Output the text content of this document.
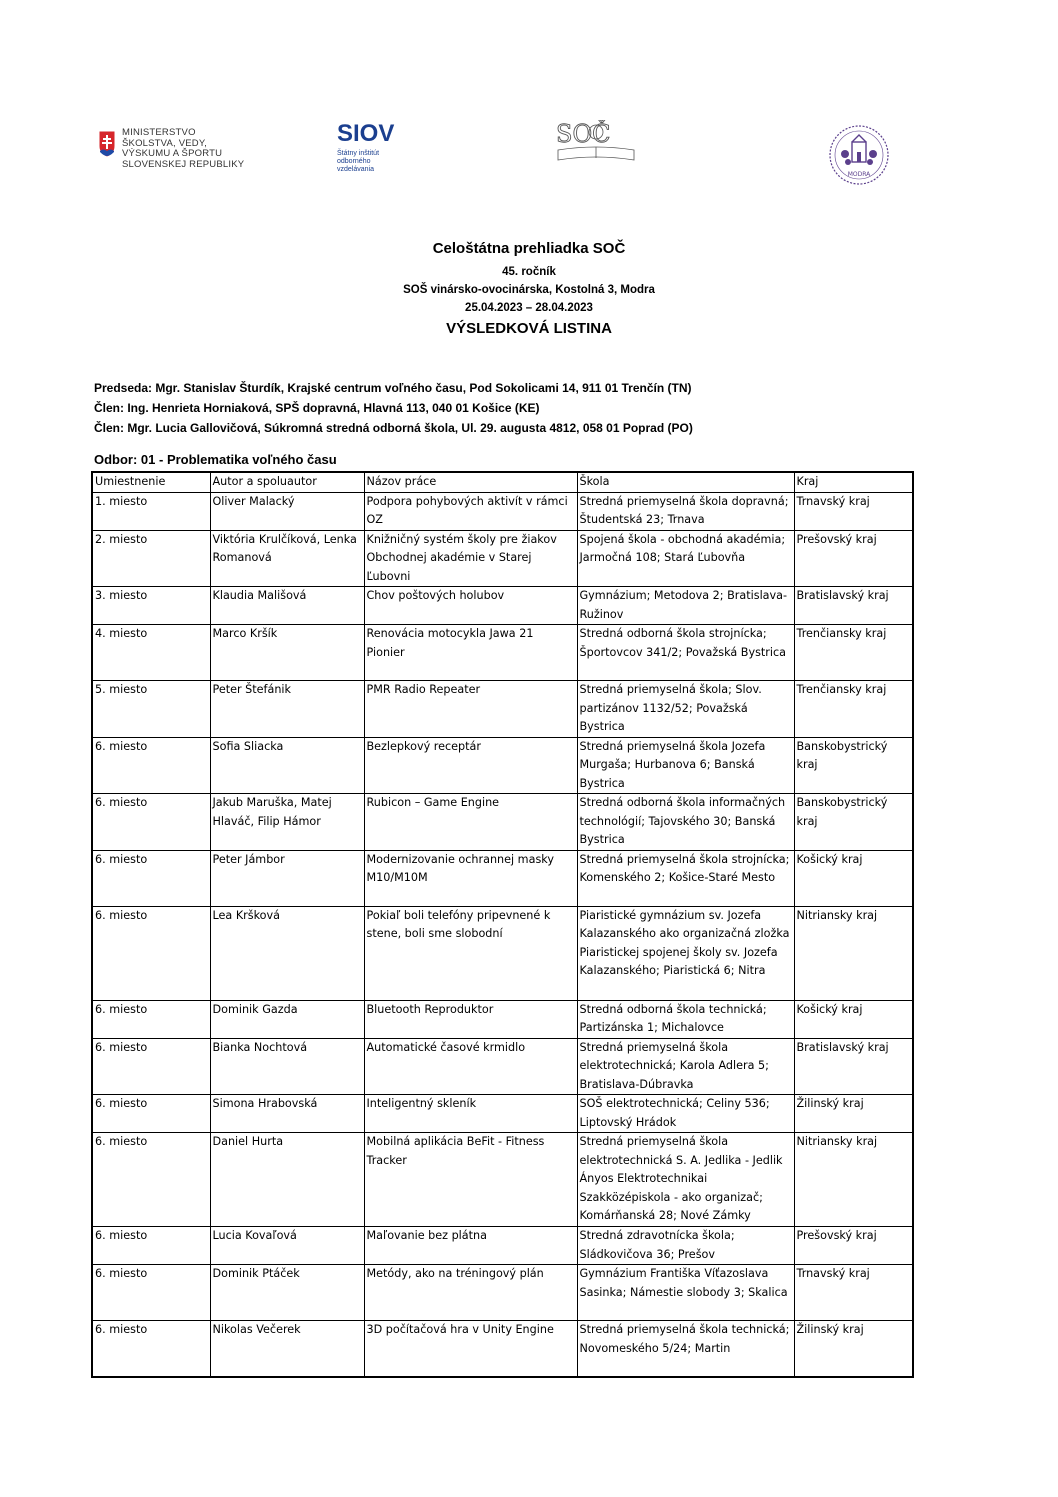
MINISTERSTVO
ŠKOLSTVA, VEDY,
VÝSKUMU A ŠPORTU
SLOVENSKEJ REPUBLIKY
SIOV
Štátny inštitút
odborného
vzdelávania
SOČ
MODRA
Celoštátna prehliadka SOČ
45. ročník
SOŠ vinársko-ovocinárska, Kostolná 3, Modra
25.04.2023 – 28.04.2023
VÝSLEDKOVÁ LISTINA
Predseda: Mgr. Stanislav Šturdík, Krajské centrum voľného času, Pod Sokolicami 14, 911 01 Trenčín (TN)
Člen: Ing. Henrieta Horniaková, SPŠ dopravná, Hlavná 113, 040 01 Košice (KE)
Člen: Mgr. Lucia Gallovičová, Súkromná stredná odborná škola, Ul. 29. augusta 4812, 058 01 Poprad (PO)
Odbor: 01 - Problematika voľného času
Umiestnenie	Autor a spoluautor	Názov práce	Škola	Kraj
1. miesto	Oliver Malacký	Podpora pohybových aktivít v rámci OZ	Stredná priemyselná škola dopravná; Študentská 23; Trnava	Trnavský kraj
2. miesto	Viktória Krulčíková, Lenka Romanová	Knižničný systém školy pre žiakov Obchodnej akadémie v Starej Ľubovni	Spojená škola - obchodná akadémia; Jarmočná 108; Stará Ľubovňa	Prešovský kraj
3. miesto	Klaudia Mališová	Chov poštových holubov	Gymnázium; Metodova 2; Bratislava-Ružinov	Bratislavský kraj
4. miesto	Marco Kršík	Renovácia motocykla Jawa 21 Pionier	Stredná odborná škola strojnícka; Športovcov 341/2; Považská Bystrica	Trenčiansky kraj
5. miesto	Peter Štefánik	PMR Radio Repeater	Stredná priemyselná škola; Slov. partizánov 1132/52; Považská Bystrica	Trenčiansky kraj
6. miesto	Sofia Sliacka	Bezlepkový receptár	Stredná priemyselná škola Jozefa Murgaša; Hurbanova 6; Banská Bystrica	Banskobystrický kraj
6. miesto	Jakub Maruška, Matej Hlaváč, Filip Hámor	Rubicon – Game Engine	Stredná odborná škola informačných technológií; Tajovského 30; Banská Bystrica	Banskobystrický kraj
6. miesto	Peter Jámbor	Modernizovanie ochrannej masky M10/M10M	Stredná priemyselná škola strojnícka; Komenského 2; Košice-Staré Mesto	Košický kraj
6. miesto	Lea Kršková	Pokiaľ boli telefóny pripevnené k stene, boli sme slobodní	Piaristické gymnázium sv. Jozefa Kalazanského ako organizačná zložka Piaristickej spojenej školy sv. Jozefa Kalazanského; Piaristická 6; Nitra	Nitriansky kraj
6. miesto	Dominik Gazda	Bluetooth Reproduktor	Stredná odborná škola technická; Partizánska 1; Michalovce	Košický kraj
6. miesto	Bianka Nochtová	Automatické časové krmidlo	Stredná priemyselná škola elektrotechnická; Karola Adlera 5; Bratislava-Dúbravka	Bratislavský kraj
6. miesto	Simona Hrabovská	Inteligentný skleník	SOŠ elektrotechnická; Celiny 536; Liptovský Hrádok	Žilinský kraj
6. miesto	Daniel Hurta	Mobilná aplikácia BeFit - Fitness Tracker	Stredná priemyselná škola elektrotechnická S. A. Jedlika - Jedlik Ányos Elektrotechnikai Szakközépiskola - ako organizač; Komárňanská 28; Nové Zámky	Nitriansky kraj
6. miesto	Lucia Kovaľová	Maľovanie bez plátna	Stredná zdravotnícka škola; Sládkovičova 36; Prešov	Prešovský kraj
6. miesto	Dominik Ptáček	Metódy, ako na tréningový plán	Gymnázium Františka Víťazoslava Sasinka; Námestie slobody 3; Skalica	Trnavský kraj
6. miesto	Nikolas Večerek	3D počítačová hra v Unity Engine	Stredná priemyselná škola technická; Novomeského 5/24; Martin	Žilinský kraj
